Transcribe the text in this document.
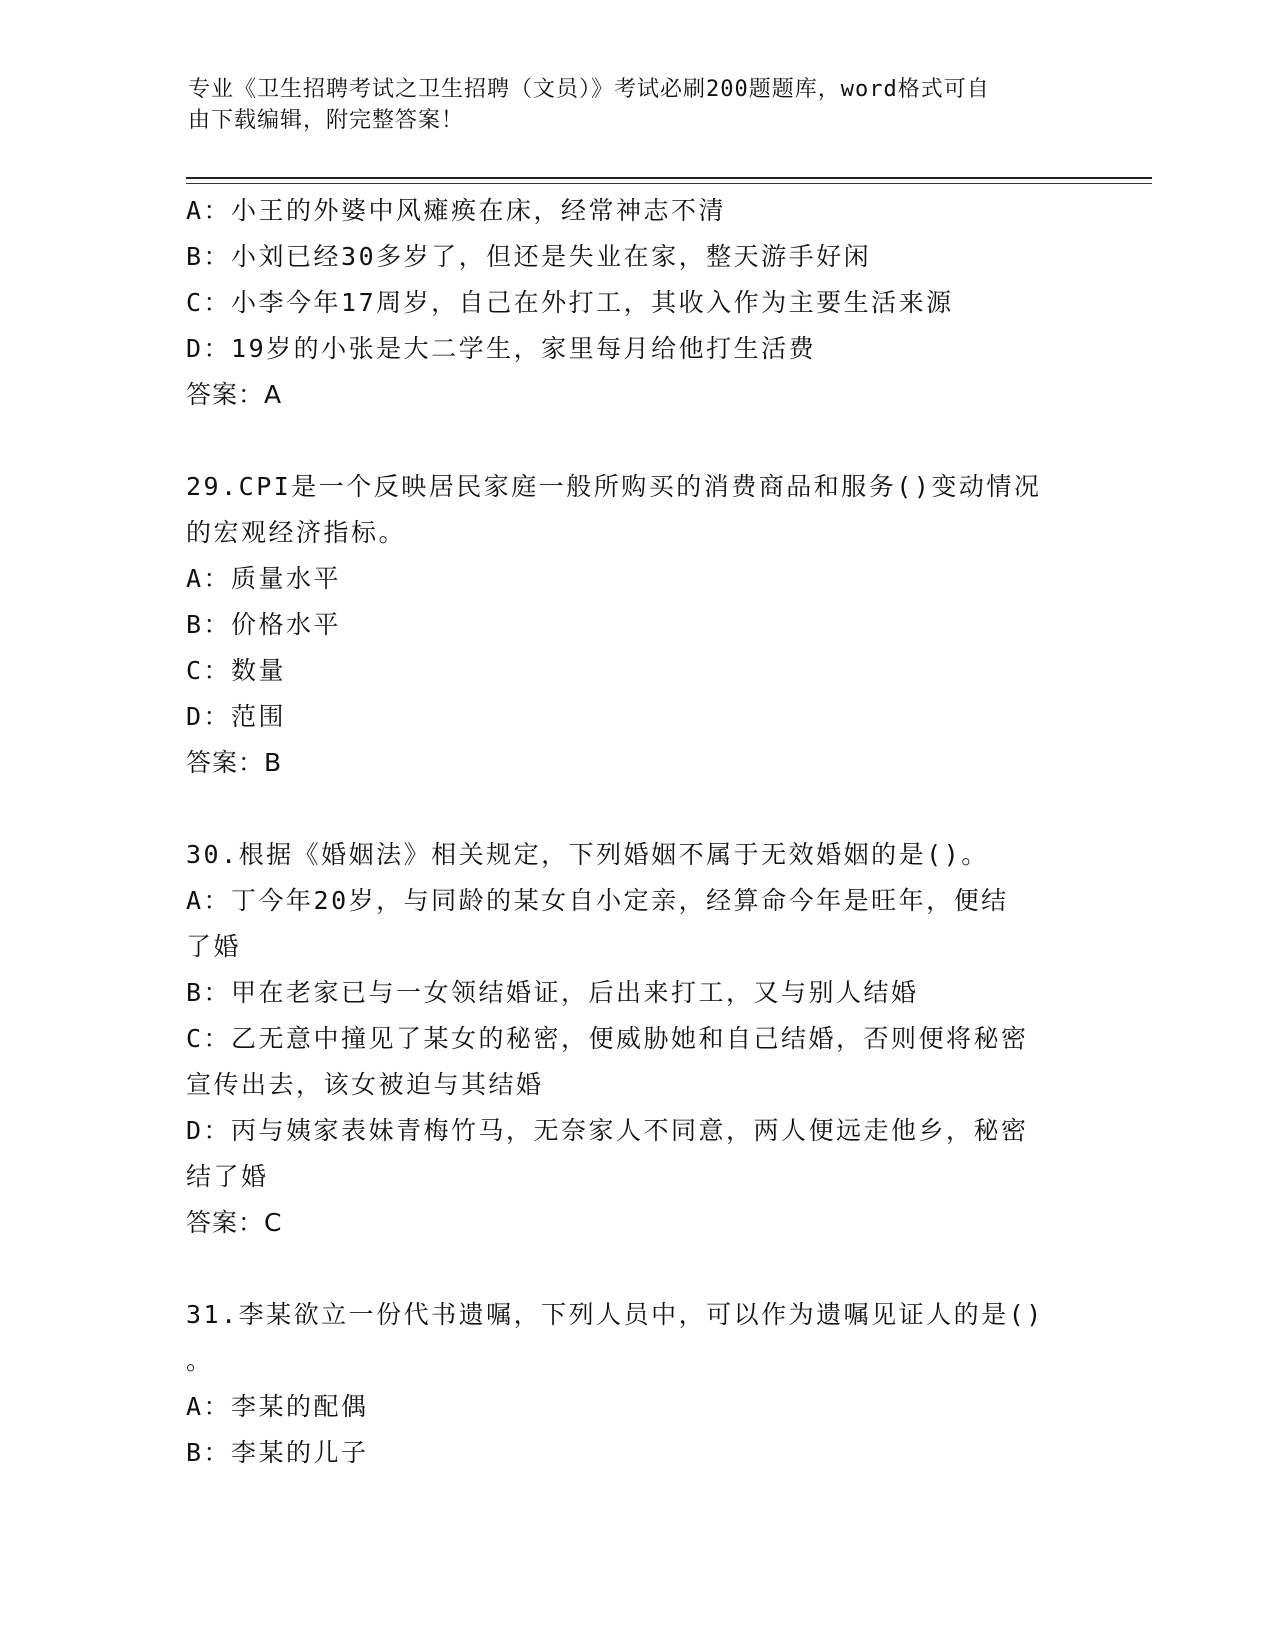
专业《卫生招聘考试之卫生招聘（文员）》考试必刷200题题库，word格式可自
由下载编辑，附完整答案！
A：小王的外婆中风瘫痪在床，经常神志不清
B：小刘已经30多岁了，但还是失业在家，整天游手好闲
C：小李今年17周岁，自己在外打工，其收入作为主要生活来源
D：19岁的小张是大二学生，家里每月给他打生活费
答案：A
29.CPI是一个反映居民家庭一般所购买的消费商品和服务()变动情况
的宏观经济指标。
A：质量水平
B：价格水平
C：数量
D：范围
答案：B
30.根据《婚姻法》相关规定，下列婚姻不属于无效婚姻的是()。
A：丁今年20岁，与同龄的某女自小定亲，经算命今年是旺年，便结
了婚
B：甲在老家已与一女领结婚证，后出来打工，又与别人结婚
C：乙无意中撞见了某女的秘密，便威胁她和自己结婚，否则便将秘密
宣传出去，该女被迫与其结婚
D：丙与姨家表妹青梅竹马，无奈家人不同意，两人便远走他乡，秘密
结了婚
答案：C
31.李某欲立一份代书遗嘱，下列人员中，可以作为遗嘱见证人的是()
。
A：李某的配偶
B：李某的儿子
